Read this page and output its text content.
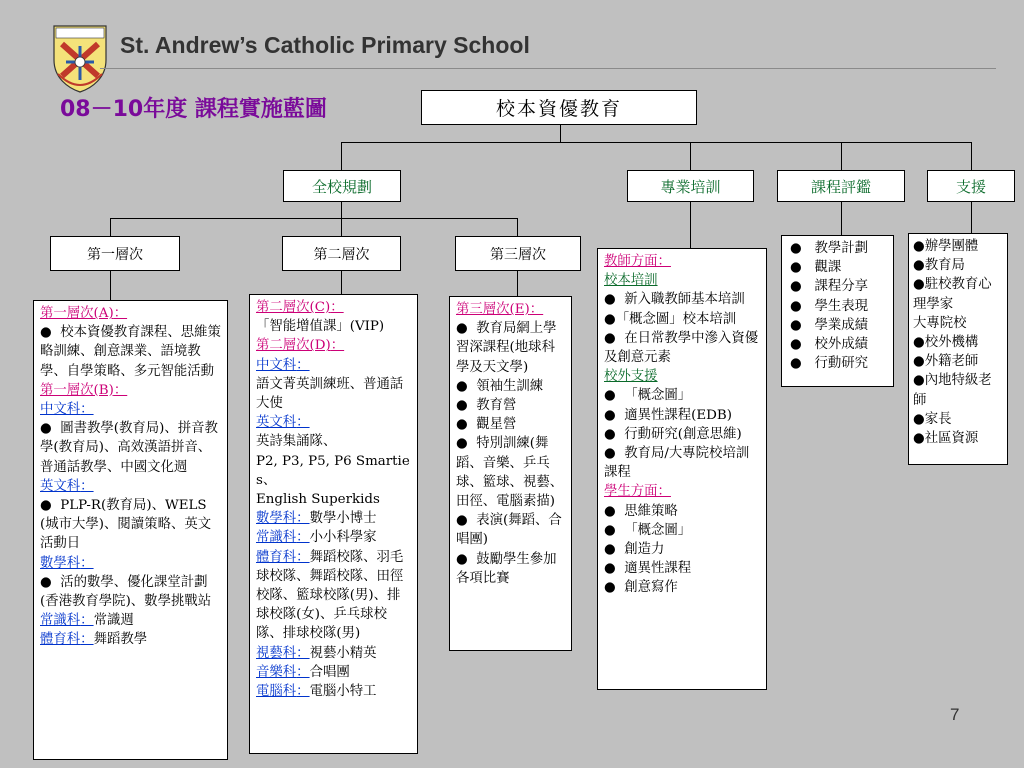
St. Andrew’s Catholic Primary School
08－10年度 課程實施藍圖	校本資優教育
全校規劃	專業培訓	課程評鑑	支援
第一層次	第二層次	第三層次

第一層次(A)：

●   校本資優教育課程、思維策略訓練、創意課業、語境教學、自學策略、多元智能活動

第一層次(B)：

中文科：

●   圖書教學(教育局)、拼音教學(教育局)、高效漢語拼音、普通話教學、中國文化週

英文科：

●   PLP-R(教育局)、WELS(城市大學)、閱讀策略、英文活動日

數學科：

●   活的數學、優化課堂計劃(香港教育學院)、數學挑戰站

常識科：常識週

體育科：舞蹈教學

第二層次(C)：

「智能增值課」(VIP)

第二層次(D)：

中文科：

語文菁英訓練班、普通話大使

英文科：

英詩集誦隊、

P2, P3, P5, P6 Smarties、

English Superkids

數學科：數學小博士

常識科：小小科學家

體育科：舞蹈校隊、羽毛球校隊、舞蹈校隊、田徑校隊、籃球校隊(男)、排球校隊(女)、乒乓球校隊、排球校隊(男)

視藝科：視藝小精英

音樂科：合唱團

電腦科：電腦小特工

第三層次(E)：

●   教育局網上學習深課程(地球科學及天文學)

●   領袖生訓練

●   教育營

●   觀星營

●   特別訓練(舞蹈、音樂、乒乓球、籃球、視藝、田徑、電腦素描)

●   表演(舞蹈、合唱團)

●   鼓勵學生參加各項比賽

教師方面：

校本培訓

●   新入職教師基本培訓

● 「概念圖」校本培訓

●   在日常教學中滲入資優及創意元素

校外支援

●   「概念圖」

●   適異性課程(EDB)

●   行動研究(創意思維)

●   教育局/大專院校培訓課程

學生方面：

●   思維策略

●   「概念圖」

●   創造力

●   適異性課程

●   創意寫作

●    教學計劃

●    觀課

●    課程分享

●    學生表現

●    學業成績

●    校外成績

●    行動研究

● 辦學團體

● 教育局

● 駐校教育心理學家

大專院校

● 校外機構

● 外籍老師

● 內地特級老師

● 家長

● 社區資源

7
